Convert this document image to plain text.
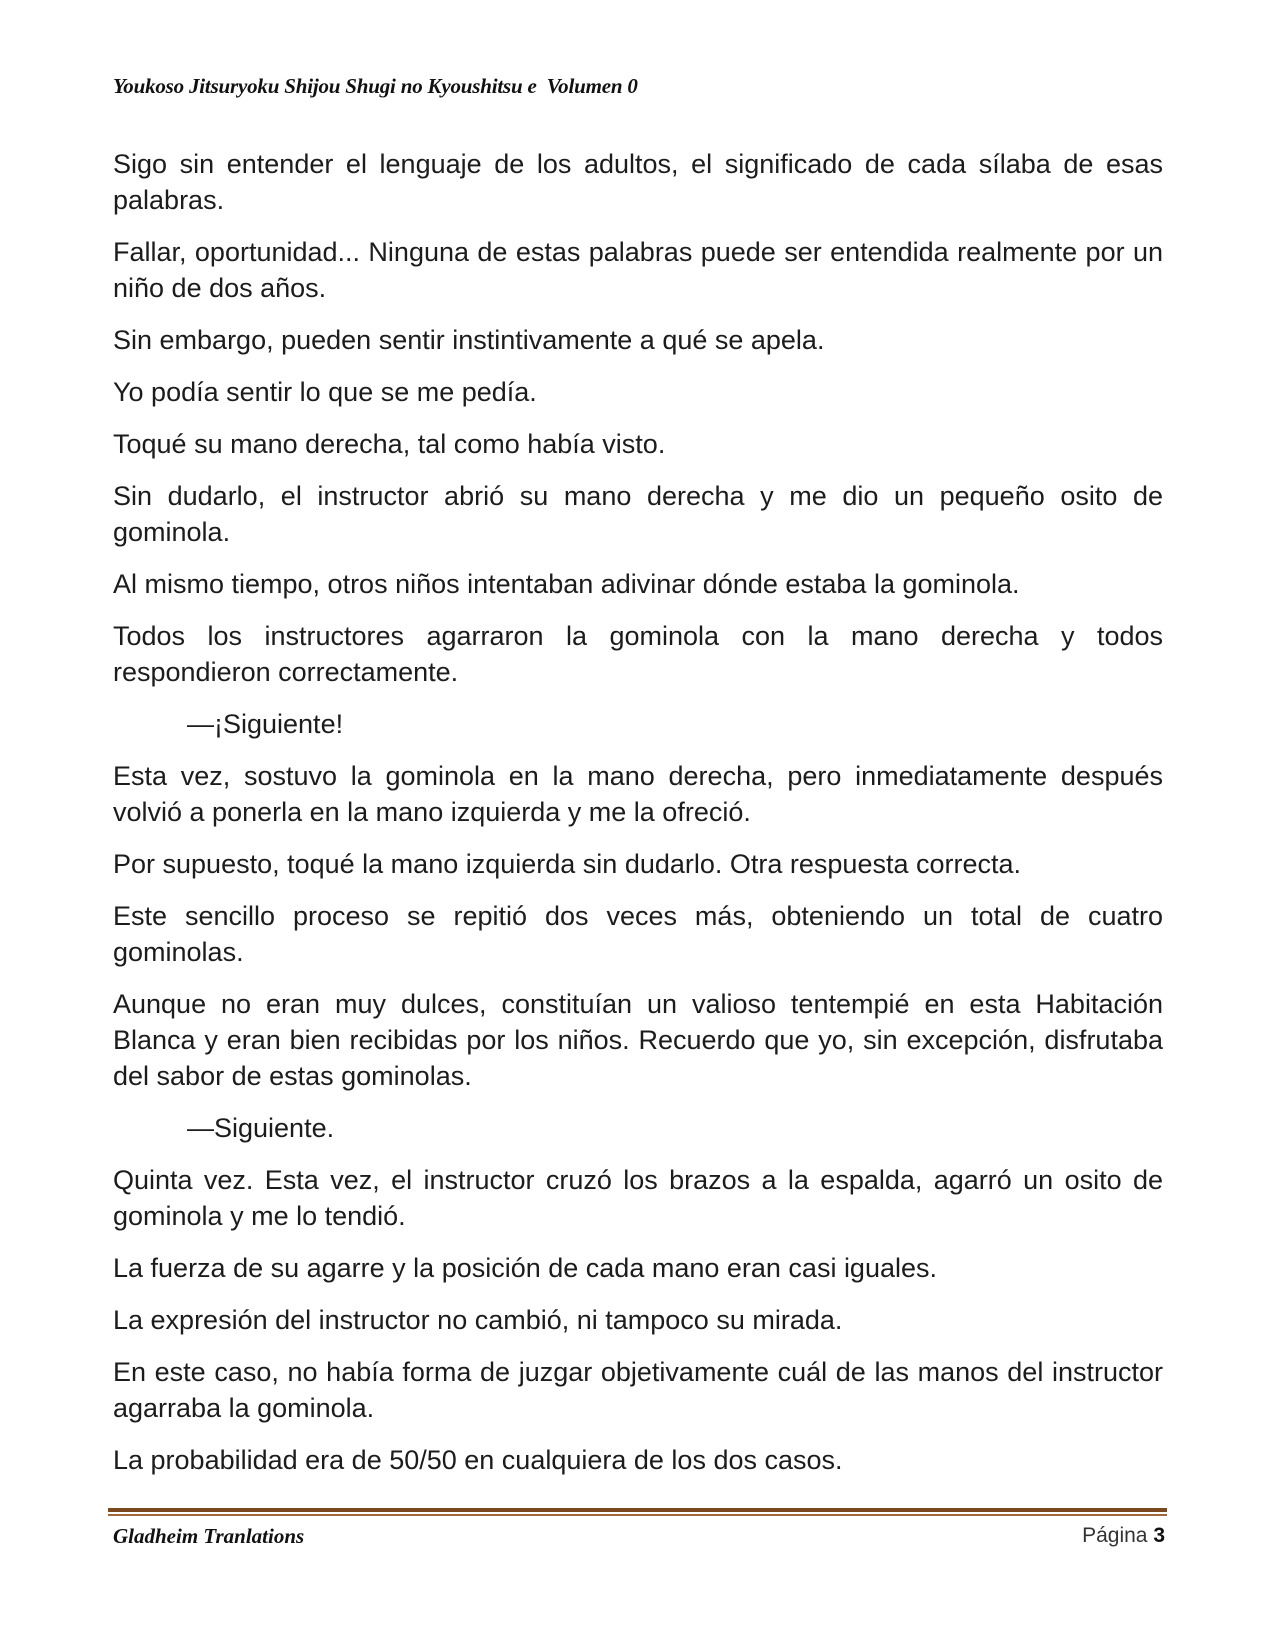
Youkoso Jitsuryoku Shijou Shugi no Kyoushitsu e  Volumen 0

Sigo sin entender el lenguaje de los adultos, el significado de cada sílaba de esas palabras.

Fallar, oportunidad... Ninguna de estas palabras puede ser entendida realmente por un niño de dos años.

Sin embargo, pueden sentir instintivamente a qué se apela.

Yo podía sentir lo que se me pedía.

Toqué su mano derecha, tal como había visto.

Sin dudarlo, el instructor abrió su mano derecha y me dio un pequeño osito de gominola.

Al mismo tiempo, otros niños intentaban adivinar dónde estaba la gominola.

Todos los instructores agarraron la gominola con la mano derecha y todos respondieron correctamente.

—¡Siguiente!

Esta vez, sostuvo la gominola en la mano derecha, pero inmediatamente después volvió a ponerla en la mano izquierda y me la ofreció.

Por supuesto, toqué la mano izquierda sin dudarlo. Otra respuesta correcta.

Este sencillo proceso se repitió dos veces más, obteniendo un total de cuatro gominolas.

Aunque no eran muy dulces, constituían un valioso tentempié en esta Habitación Blanca y eran bien recibidas por los niños. Recuerdo que yo, sin excepción, disfrutaba del sabor de estas gominolas.

—Siguiente.

Quinta vez. Esta vez, el instructor cruzó los brazos a la espalda, agarró un osito de gominola y me lo tendió.

La fuerza de su agarre y la posición de cada mano eran casi iguales.

La expresión del instructor no cambió, ni tampoco su mirada.

En este caso, no había forma de juzgar objetivamente cuál de las manos del instructor agarraba la gominola.

La probabilidad era de 50/50 en cualquiera de los dos casos.

Gladheim Tranlations	Página 3
